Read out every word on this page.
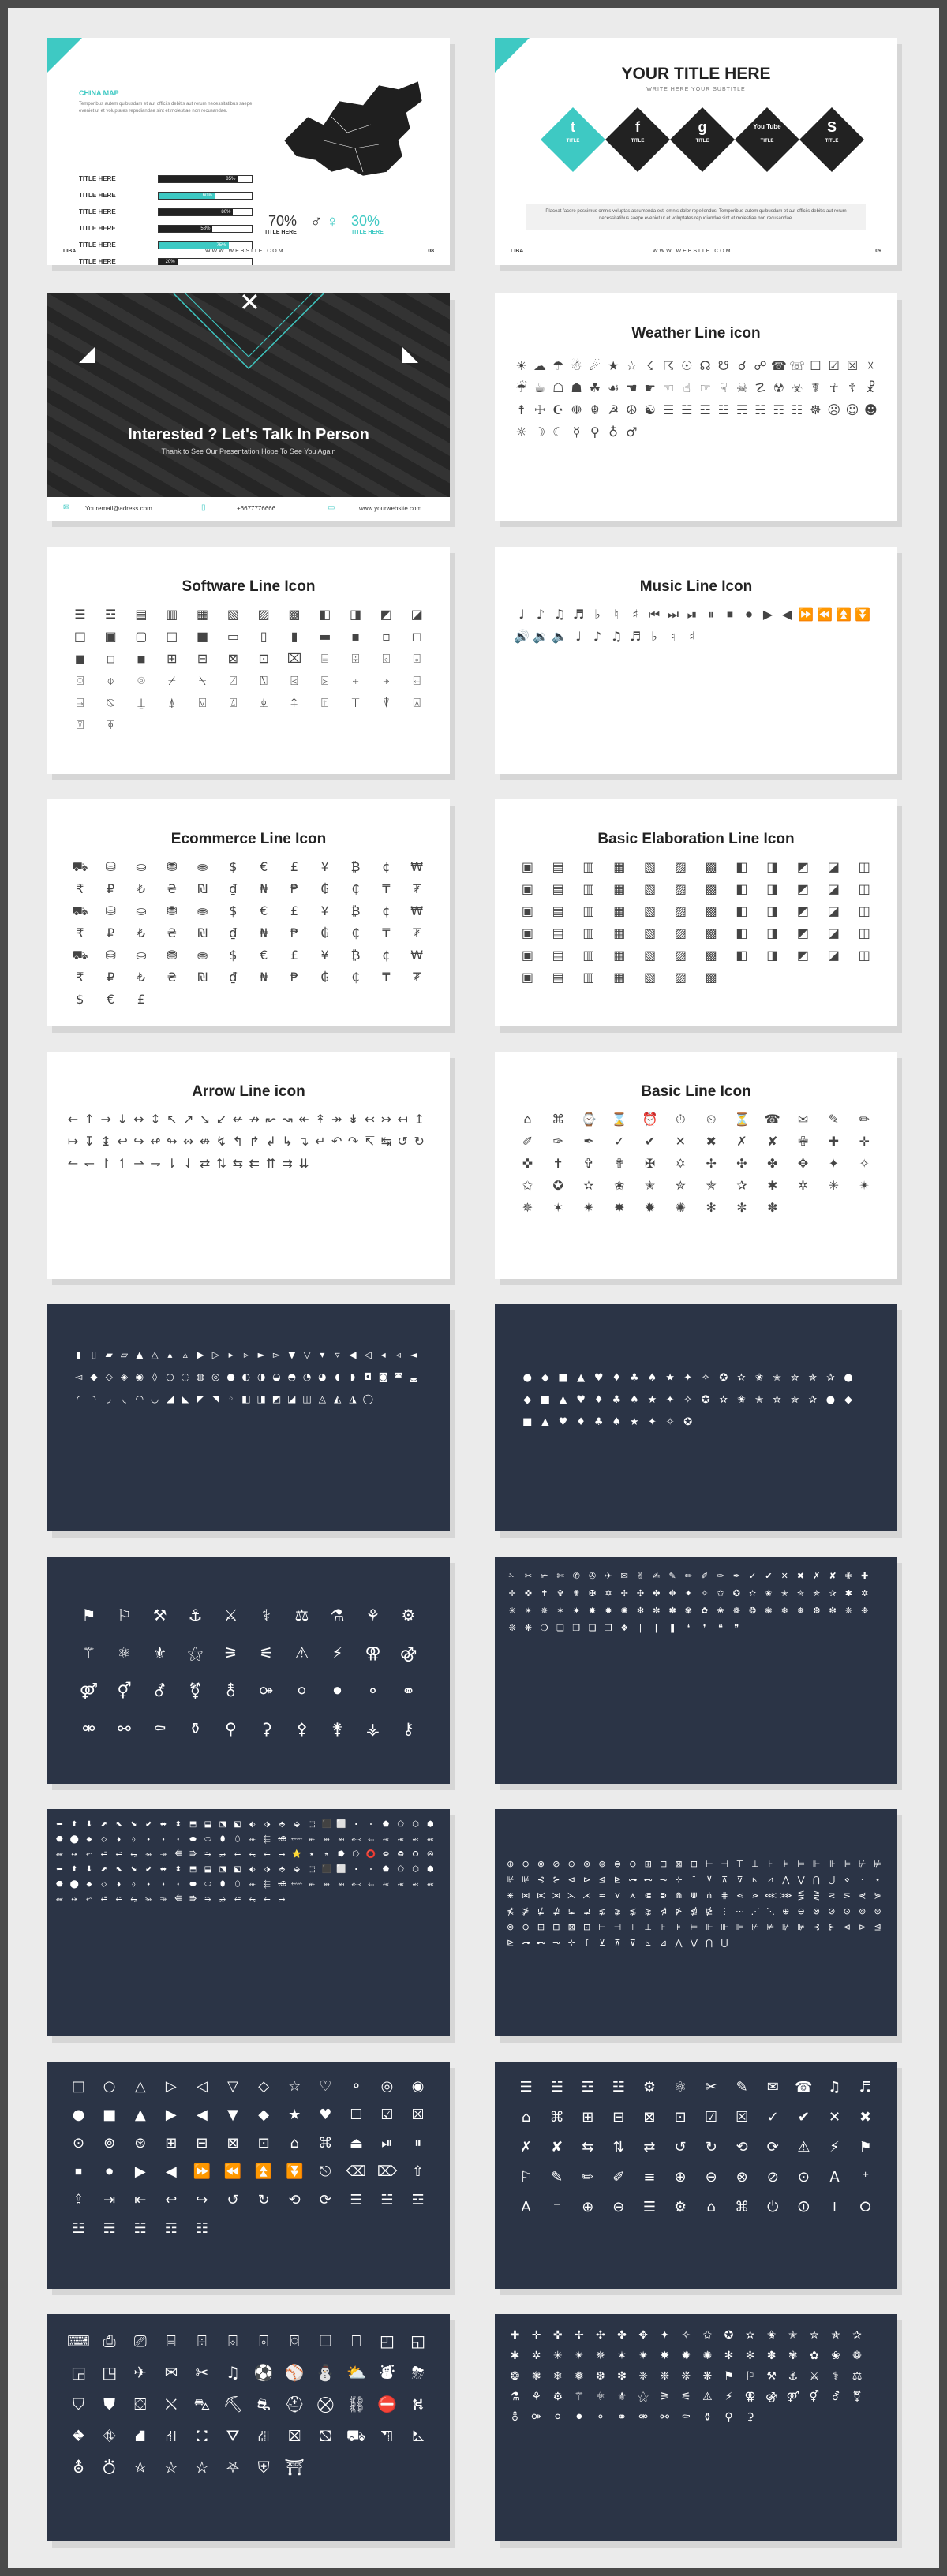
CHINA MAP
Temporibus autem quibusdam et aut officiis debitis aut rerum necessitatibus saepe eveniet ut et voluptates repudiandae sint et molestiae non recusandae.
TITLE HERE	85%
TITLE HERE	60%
TITLE HERE	80%
TITLE HERE	58%
TITLE HERE	75%
TITLE HERE	20%
70%
TITLE HERE
♂ ♀ 30%
TITLE HERE
LIBA	W W W . W E B S I T E . C O M	08
YOUR TITLE HERE
WRITE HERE YOUR SUBTITLE
t
TITLE
f
TITLE
g
TITLE
You Tube
TITLE
S
TITLE
Placeat facere possimus omnis voluptas assumenda est, omnis dolor repellendus. Temporibus autem quibusdam et aut officiis debitis aut rerum necessitatibus saepe eveniet ut et voluptates repudiandae sint et molestiae non recusandae.
LIBA	W W W . W E B S I T E . C O M	09
✕
Interested ? Let's Talk In Person
Thank to See Our Presentation Hope To See You Again
✉ Youremail@adress.com	▯	+6677776666	▭	www.yourwebsite.com
Weather Line icon
☀ ☁ ☂ ☃ ☄ ★ ☆ ☇ ☈ ☉ ☊ ☋ ☌ ☍ ☎ ☏ ☐ ☑ ☒ ☓
☔ ☕ ☖ ☗ ☘ ☙ ☚ ☛ ☜ ☝ ☞ ☟ ☠ ☡ ☢ ☣ ☤ ☥ ☦ ☧
☨ ☩ ☪ ☫ ☬ ☭ ☮ ☯ ☰ ☱ ☲ ☳ ☴ ☵ ☶ ☷ ☸ ☹ ☺ ☻
☼ ☽ ☾ ☿ ♀ ♁ ♂
Software Line Icon
☰	☲	▤	▥	▦	▧	▨	▩	◧	◨	◩	◪
◫	▣	▢	□	■	▭	▯	▮	▬	▪	▫	◻
◼	◽	◾	⊞	⊟	⊠	⊡	⌧	⌸	⌹	⌺	⌻
⌼	⌽	⌾	⌿	⍀	⍁	⍂	⍃	⍄	⍅	⍆	⍇
⍈	⍉	⍊	⍋	⍌	⍍	⍎	⍏	⍐	⍑	⍒	⍓
⍔	⍕
Music Line Icon
♩ ♪ ♫ ♬ ♭	♮	♯ ⏮ ⏭ ⏯ ⏸ ⏹ ⏺ ▶ ◀ ⏩ ⏪ ⏫ ⏬
🔊 🔉 🔈 ♩ ♪ ♫ ♬ ♭	♮	♯
Ecommerce Line Icon
⛟	⛁	⛀	⛃	⛂	$	€	£	¥	₿	¢	₩
₹	₽	₺	₴	₪	₫	₦	₱	₲	₵	₸	₮
⛟	⛁	⛀	⛃	⛂	$	€	£	¥	₿	¢	₩
₹	₽	₺	₴	₪	₫	₦	₱	₲	₵	₸	₮
⛟	⛁	⛀	⛃	⛂	$	€	£	¥	₿	¢	₩
₹	₽	₺	₴	₪	₫	₦	₱	₲	₵	₸	₮
$	€	£
Basic Elaboration Line Icon
▣	▤	▥	▦	▧	▨	▩	◧	◨	◩	◪	◫
▣	▤	▥	▦	▧	▨	▩	◧	◨	◩	◪	◫
▣	▤	▥	▦	▧	▨	▩	◧	◨	◩	◪	◫
▣	▤	▥	▦	▧	▨	▩	◧	◨	◩	◪	◫
▣	▤	▥	▦	▧	▨	▩	◧	◨	◩	◪	◫
▣	▤	▥	▦	▧	▨	▩
Arrow Line icon
← ↑ → ↓ ↔ ↕ ↖ ↗ ↘ ↙ ↚ ↛ ↜ ↝ ↞ ↟ ↠ ↡ ↢ ↣ ↤ ↥
↦ ↧ ↨ ↩ ↪ ↫ ↬ ↭ ↮ ↯ ↰ ↱ ↲ ↳ ↴ ↵ ↶ ↷ ↸ ↹ ↺ ↻
↼ ↽ ↾ ↿ ⇀ ⇁ ⇂ ⇃ ⇄ ⇅ ⇆ ⇇ ⇈ ⇉ ⇊
Basic Line Icon
⌂	⌘	⌚	⌛	⏰	⏱	⏲	⏳	☎	✉	✎	✏
✐	✑	✒	✓	✔	✕	✖	✗	✘	✙	✚	✛
✜	✝	✞	✟	✠	✡	✢	✣	✤	✥	✦	✧
✩	✪	✫	✬	✭	✮	✯	✰	✱	✲	✳	✴
✵	✶	✷	✸	✹	✺	✻	✼	✽
▮	▯ ▰ ▱ ▲ △ ▴	▵ ▶ ▷ ▸	▹ ► ▻ ▼ ▽ ▾	▿ ◀ ◁ ◂	◃ ◄
◅ ◆ ◇ ◈ ◉ ◊ ○ ◌ ◍ ◎ ● ◐ ◑ ◒ ◓ ◔ ◕ ◖	◗ ◘ ◙ ◚ ◛
◜	◝	◞	◟ ◠ ◡ ◢ ◣ ◤ ◥ ◦ ◧ ◨ ◩ ◪ ◫ ◬ ◭ ◮ ◯
● ◆ ■ ▲ ♥ ♦ ♣ ♠ ★ ✦ ✧ ✪ ✫ ✬ ✭ ✮ ✯ ✰ ●
◆ ■ ▲ ♥ ♦ ♣ ♠ ★ ✦ ✧ ✪ ✫ ✬ ✭ ✮ ✯ ✰ ● ◆
■ ▲ ♥ ♦ ♣ ♠ ★ ✦ ✧ ✪
⚑	⚐	⚒	⚓	⚔	⚕	⚖	⚗	⚘	⚙
⚚	⚛	⚜	⚝	⚞	⚟	⚠	⚡	⚢	⚣
⚤	⚥	⚦	⚧	⚨	⚩	⚪	⚫	⚬	⚭
⚮	⚯	⚰	⚱	⚲	⚳	⚴	⚵	⚶	⚷
✁	✂	✃	✄	✆	✇	✈	✉	✌	✍	✎	✏	✐	✑	✒	✓	✔	✕	✖	✗	✘	✙	✚
✛	✜	✝	✞	✟	✠	✡	✢	✣	✤	✥	✦	✧	✩	✪	✫	✬	✭	✮	✯	✰	✱	✲
✳	✴	✵	✶	✷	✸	✹	✺	✻	✼	✽	✾	✿	❀	❁	❂	❃	❄	❅	❆	❇	❈	❉
❊	❋ ❍ ❏ ❐ ❑ ❒ ❖ ❘	❙	❚	❛	❜	❝	❞
⬅	⬆	⬇	⬈	⬉	⬊	⬋	⬌	⬍ ⬒ ⬓ ⬔ ⬕	⬖	⬗	⬘	⬙	⬚ ⬛ ⬜	⬝	⬞	⬟	⬠	⬡	⬢
⬣ ⬤ ⬥	⬦	⬧	⬨	⬩	⬪	⬫	⬬	⬭	⬮	⬯	⬰	⬱ ⬲ ⬳ ⬴	⬵	⬶ ⬷ ⬸	⬹	⬺	⬻	⬼
⬽	⬾	⬿	⭀	⭁	⭂	⭃	⭄	⭅ ⭆	⭇	⭈	⭉	⭊	⭋	⭌ ⭐ ⭑	⭒	⭓	⭔ ⭕ ⭖	⭗	⭘	⭙
⬅	⬆	⬇	⬈	⬉	⬊	⬋	⬌	⬍ ⬒ ⬓ ⬔ ⬕	⬖	⬗	⬘	⬙	⬚ ⬛ ⬜	⬝	⬞	⬟	⬠	⬡	⬢
⬣ ⬤ ⬥	⬦	⬧	⬨	⬩	⬪	⬫	⬬	⬭	⬮	⬯	⬰	⬱ ⬲ ⬳ ⬴	⬵	⬶ ⬷ ⬸	⬹	⬺	⬻	⬼
⬽	⬾	⬿	⭀	⭁	⭂	⭃	⭄	⭅ ⭆	⭇	⭈	⭉	⭊	⭋	⭌
⊕ ⊖ ⊗ ⊘ ⊙ ⊚ ⊛ ⊜ ⊝ ⊞ ⊟ ⊠ ⊡ ⊢ ⊣ ⊤ ⊥	⊦	⊧	⊨ ⊩ ⊪ ⊫ ⊬ ⊭
⊮ ⊯ ⊰ ⊱ ⊲ ⊳ ⊴ ⊵ ⊶ ⊷ ⊸ ⊹	⊺	⊻	⊼	⊽ ⊾ ⊿ ⋀ ⋁ ⋂ ⋃	⋄	⋅	⋆
⋇ ⋈ ⋉ ⋊ ⋋ ⋌ ⋍ ⋎	⋏ ⋐ ⋑ ⋒ ⋓ ⋔ ⋕ ⋖ ⋗ ⋘ ⋙ ⋚ ⋛ ⋜ ⋝ ⋞ ⋟
⋠ ⋡ ⋢ ⋣ ⋤ ⋥ ⋦ ⋧ ⋨ ⋩ ⋪ ⋫ ⋬ ⋭ ⋮ ⋯ ⋰ ⋱ ⊕ ⊖ ⊗ ⊘ ⊙ ⊚ ⊛
⊜ ⊝ ⊞ ⊟ ⊠ ⊡ ⊢ ⊣ ⊤ ⊥	⊦	⊧	⊨ ⊩ ⊪ ⊫ ⊬ ⊭ ⊮ ⊯ ⊰ ⊱ ⊲ ⊳ ⊴
⊵ ⊶ ⊷ ⊸ ⊹	⊺	⊻	⊼	⊽ ⊾ ⊿ ⋀ ⋁ ⋂ ⋃
□	○	△	▷	◁	▽	◇	☆	♡	⚬	◎	◉
●	■	▲	▶	◀	▼	◆	★	♥	☐	☑	☒
⊙	⊚	⊛	⊞	⊟	⊠	⊡	⌂	⌘	⏏	⏯	⏸
⏹	⏺	▶	◀	⏩ ⏪ ⏫ ⏬	⎋	⌫ ⌦	⇧
⇪	⇥	⇤	↩	↪	↺	↻	⟲	⟳	☰	☱	☲
☳	☴	☵	☶	☷
☰	☱	☲	☳	⚙	⚛	✂	✎	✉	☎	♫	♬
⌂	⌘	⊞	⊟	⊠	⊡	☑	☒	✓	✔	✕	✖
✗	✘	⇆	⇅	⇄	↺	↻	⟲	⟳	⚠	⚡	⚑
⚐	✎	✏	✐	≡	⊕	⊖	⊗	⊘	⊙	A	⁺
A	⁻	⊕	⊖	☰	⚙	⌂	⌘	⏻	⏼	⏽	⭘
⌨ ⎙	⎚	⌸	⌹	⌺	⌻	⌼	☐	⎕	◰	◱
◲	◳	✈	✉	✂	♫ ⚽ ⚾ ⛄ ⛅ ⛇	⛈
⛉	⛊	⛋	⛌	⛍ ⛏ ⛐ ⛑ ⛒ ⛓ ⛔ ⛕
⛖	⛗	⛘	⛙	⛚	⛛	⛜	⛝	⛞ ⛟ ⛠	⛡
⛢	⛣	⛤	⛥	⛦	⛧	⛨ ⛩
✚	✛	✜	✢	✣	✤	✥	✦	✧	✩	✪	✫	✬	✭	✮	✯	✰
✱	✲	✳	✴	✵	✶	✷	✸	✹	✺	✻	✼	✽	✾	✿	❀	❁
❂	❃	❄	❅	❆	❇	❈	❉	❊	❋	⚑	⚐	⚒	⚓	⚔	⚕	⚖
⚗	⚘	⚙	⚚	⚛	⚜	⚝	⚞	⚟	⚠	⚡	⚢ ⚣ ⚤ ⚥	⚦	⚧
⚨	⚩	⚪	⚫	⚬	⚭	⚮	⚯	⚰	⚱	⚲	⚳
